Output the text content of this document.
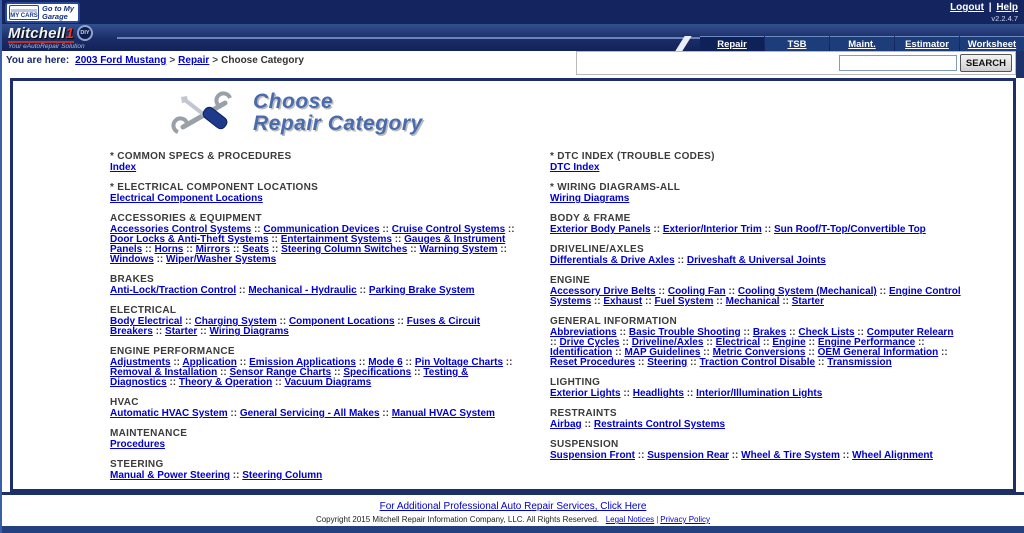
MY CARS
Go to My
Garage
Logout | Help
v2.2.4.7
Mitchell1 DIY
Your eAutoRepair Solution	Repair	TSB	Maint.	Estimator Worksheet
You are here: 2003 Ford Mustang > Repair > Choose Category	SEARCH
Choose
Repair Category
* COMMON SPECS & PROCEDURES
Index
* ELECTRICAL COMPONENT LOCATIONS
Electrical Component Locations
ACCESSORIES & EQUIPMENT
Accessories Control Systems :: Communication Devices :: Cruise Control Systems :: Door Locks & Anti-Theft Systems :: Entertainment Systems :: Gauges & Instrument Panels :: Horns :: Mirrors :: Seats :: Steering Column Switches :: Warning System :: Windows :: Wiper/Washer Systems
BRAKES
Anti-Lock/Traction Control :: Mechanical - Hydraulic :: Parking Brake System
ELECTRICAL
Body Electrical :: Charging System :: Component Locations :: Fuses & Circuit Breakers :: Starter :: Wiring Diagrams
ENGINE PERFORMANCE
Adjustments :: Application :: Emission Applications :: Mode 6 :: Pin Voltage Charts :: Removal & Installation :: Sensor Range Charts :: Specifications :: Testing & Diagnostics :: Theory & Operation :: Vacuum Diagrams
HVAC
Automatic HVAC System :: General Servicing - All Makes :: Manual HVAC System
MAINTENANCE
Procedures
STEERING
Manual & Power Steering :: Steering Column
* DTC INDEX (TROUBLE CODES)
DTC Index
* WIRING DIAGRAMS-ALL
Wiring Diagrams
BODY & FRAME
Exterior Body Panels :: Exterior/Interior Trim :: Sun Roof/T-Top/Convertible Top
DRIVELINE/AXLES
Differentials & Drive Axles :: Driveshaft & Universal Joints
ENGINE
Accessory Drive Belts :: Cooling Fan :: Cooling System (Mechanical) :: Engine Control Systems :: Exhaust :: Fuel System :: Mechanical :: Starter
GENERAL INFORMATION
Abbreviations :: Basic Trouble Shooting :: Brakes :: Check Lists :: Computer Relearn :: Drive Cycles :: Driveline/Axles :: Electrical :: Engine :: Engine Performance :: Identification :: MAP Guidelines :: Metric Conversions :: OEM General Information :: Reset Procedures :: Steering :: Traction Control Disable :: Transmission
LIGHTING
Exterior Lights :: Headlights :: Interior/Illumination Lights
RESTRAINTS
Airbag :: Restraints Control Systems
SUSPENSION
Suspension Front :: Suspension Rear :: Wheel & Tire System :: Wheel Alignment
For Additional Professional Auto Repair Services, Click Here
Copyright 2015 Mitchell Repair Information Company, LLC. All Rights Reserved. Legal Notices | Privacy Policy
